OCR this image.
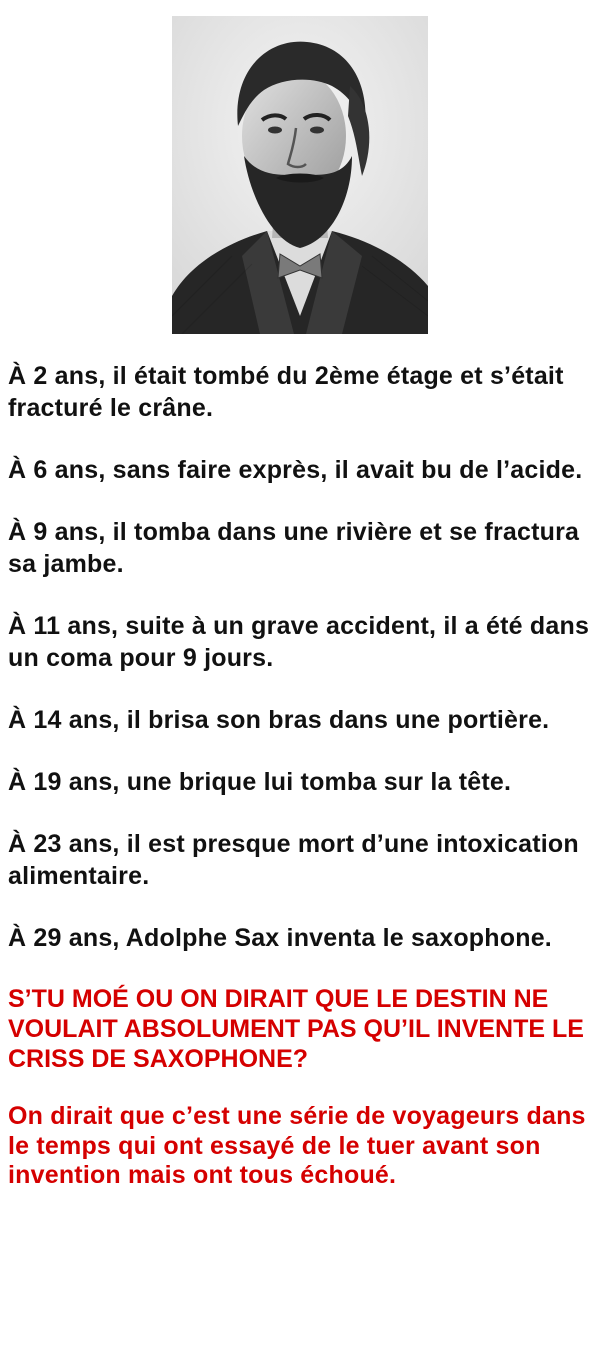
À 2 ans, il était tombé du 2ème étage et s’était fracturé le crâne.

À 6 ans, sans faire exprès, il avait bu de l’acide.

À 9 ans, il tomba dans une rivière et se fractura sa jambe.

À 11 ans, suite à un grave accident, il a été dans un coma pour 9 jours.

À 14 ans, il brisa son bras dans une portière.

À 19 ans, une brique lui tomba sur la tête.

À 23 ans, il est presque mort d’une intoxication alimentaire.

À 29 ans, Adolphe Sax inventa le saxophone.

S’TU MOÉ OU ON DIRAIT QUE LE DESTIN NE VOULAIT ABSOLUMENT PAS QU’IL INVENTE LE CRISS DE SAXOPHONE?

On dirait que c’est une série de voyageurs dans le temps qui ont essayé de le tuer avant son invention mais ont tous échoué.
